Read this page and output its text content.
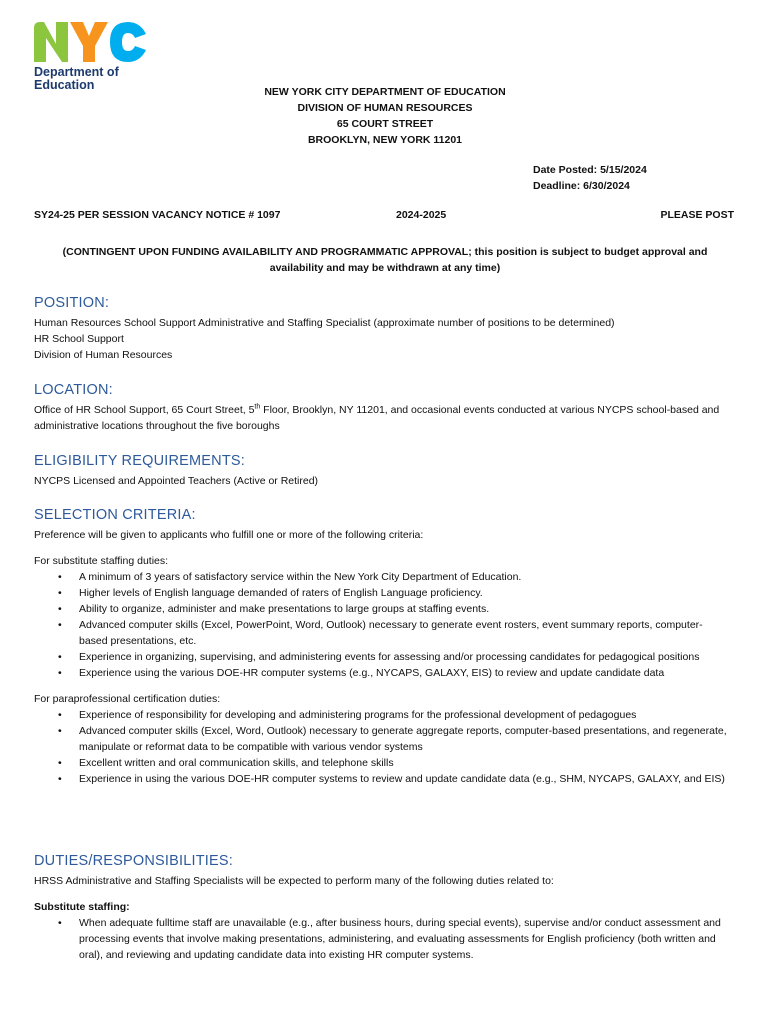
Department of
Education	NEW YORK CITY DEPARTMENT OF EDUCATION
DIVISION OF HUMAN RESOURCES
65 COURT STREET
BROOKLYN, NEW YORK 11201
Date Posted: 5/15/2024
Deadline: 6/30/2024
SY24-25 PER SESSION VACANCY NOTICE # 1097	2024-2025	PLEASE POST
(CONTINGENT UPON FUNDING AVAILABILITY AND PROGRAMMATIC APPROVAL; this position is subject to budget approval and availability and may be withdrawn at any time)
POSITION:
Human Resources School Support Administrative and Staffing Specialist (approximate number of positions to be determined)
HR School Support
Division of Human Resources
LOCATION:
Office of HR School Support, 65 Court Street, 5th Floor, Brooklyn, NY 11201, and occasional events conducted at various NYCPS school-based and administrative locations throughout the five boroughs
ELIGIBILITY REQUIREMENTS:
NYCPS Licensed and Appointed Teachers (Active or Retired)
SELECTION CRITERIA:
Preference will be given to applicants who fulfill one or more of the following criteria:
For substitute staffing duties:
• A minimum of 3 years of satisfactory service within the New York City Department of Education.
• Higher levels of English language demanded of raters of English Language proficiency.
• Ability to organize, administer and make presentations to large groups at staffing events.
• Advanced computer skills (Excel, PowerPoint, Word, Outlook) necessary to generate event rosters, event summary reports, computer-based presentations, etc.
• Experience in organizing, supervising, and administering events for assessing and/or processing candidates for pedagogical positions
• Experience using the various DOE-HR computer systems (e.g., NYCAPS, GALAXY, EIS) to review and update candidate data
For paraprofessional certification duties:
• Experience of responsibility for developing and administering programs for the professional development of pedagogues
• Advanced computer skills (Excel, Word, Outlook) necessary to generate aggregate reports, computer-based presentations, and regenerate, manipulate or reformat data to be compatible with various vendor systems
• Excellent written and oral communication skills, and telephone skills
• Experience in using the various DOE-HR computer systems to review and update candidate data (e.g., SHM, NYCAPS, GALAXY, and EIS)
DUTIES/RESPONSIBILITIES:
HRSS Administrative and Staffing Specialists will be expected to perform many of the following duties related to:
Substitute staffing:
• When adequate fulltime staff are unavailable (e.g., after business hours, during special events), supervise and/or conduct assessment and processing events that involve making presentations, administering, and evaluating assessments for English proficiency (both written and oral), and reviewing and updating candidate data into existing HR computer systems.
